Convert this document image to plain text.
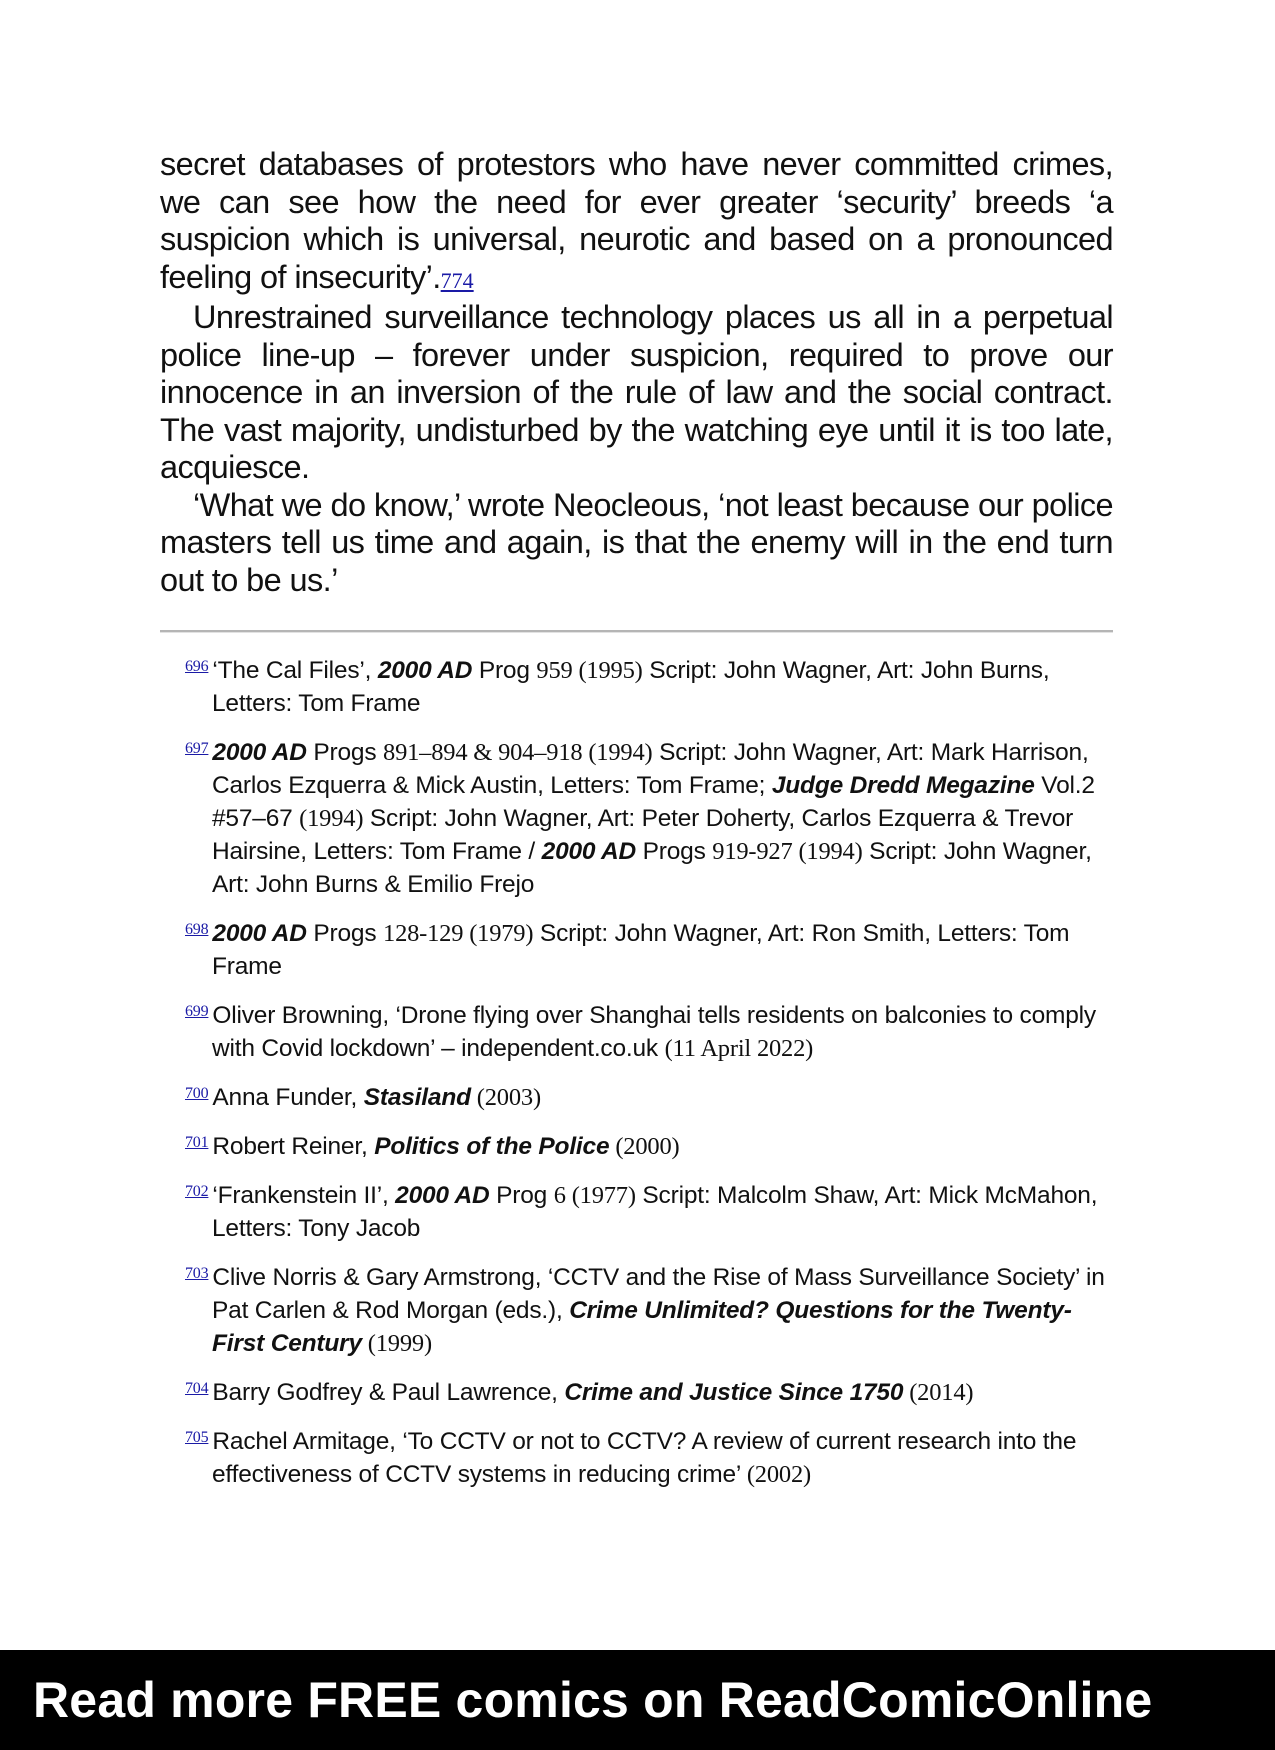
secret databases of protestors who have never committed crimes, we can see how the need for ever greater ‘security’ breeds ‘a suspicion which is universal, neurotic and based on a pronounced feeling of insecurity’.774

Unrestrained surveillance technology places us all in a perpetual police line-up – forever under suspicion, required to prove our innocence in an inversion of the rule of law and the social contract. The vast majority, undisturbed by the watching eye until it is too late, acquiesce.

‘What we do know,’ wrote Neocleous, ‘not least because our police masters tell us time and again, is that the enemy will in the end turn out to be us.’

$^{696}$ ‘The Cal Files’, 2000 AD Prog 959 (1995) Script: John Wagner, Art: John Burns, Letters: Tom Frame

$^{697}$ 2000 AD Progs 891–894 & 904–918 (1994) Script: John Wagner, Art: Mark Harrison, Carlos Ezquerra & Mick Austin, Letters: Tom Frame; Judge Dredd Megazine Vol.2 #57–67 (1994) Script: John Wagner, Art: Peter Doherty, Carlos Ezquerra & Trevor Hairsine, Letters: Tom Frame / 2000 AD Progs 919-927 (1994) Script: John Wagner, Art: John Burns & Emilio Frejo

$^{698}$ 2000 AD Progs 128-129 (1979) Script: John Wagner, Art: Ron Smith, Letters: Tom Frame

$^{699}$ Oliver Browning, ‘Drone flying over Shanghai tells residents on balconies to comply with Covid lockdown’ – independent.co.uk (11 April 2022)

$^{700}$ Anna Funder, Stasiland (2003)

$^{701}$ Robert Reiner, Politics of the Police (2000)

$^{702}$ ‘Frankenstein II’, 2000 AD Prog 6 (1977) Script: Malcolm Shaw, Art: Mick McMahon, Letters: Tony Jacob

$^{703}$ Clive Norris & Gary Armstrong, ‘CCTV and the Rise of Mass Surveillance Society’ in Pat Carlen & Rod Morgan (eds.), Crime Unlimited? Questions for the Twenty-First Century (1999)

$^{704}$ Barry Godfrey & Paul Lawrence, Crime and Justice Since 1750 (2014)

$^{705}$ Rachel Armitage, ‘To CCTV or not to CCTV? A review of current research into the effectiveness of CCTV systems in reducing crime’ (2002)

Read more FREE comics on ReadComicOnline
